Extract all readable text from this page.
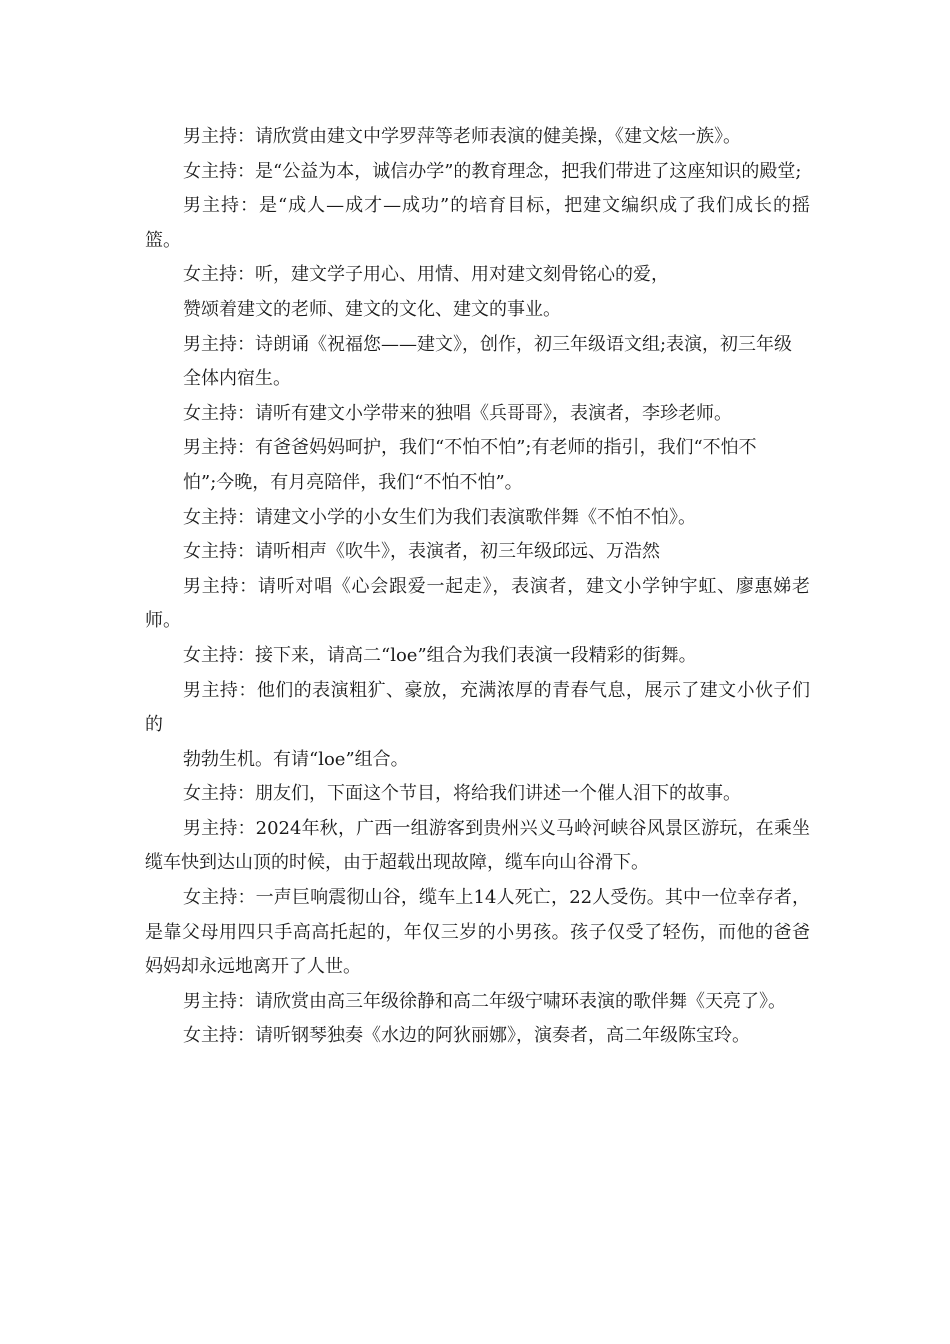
男主持：请欣赏由建文中学罗萍等老师表演的健美操，《建文炫一族》。

女主持：是“公益为本，诚信办学”的教育理念，把我们带进了这座知识的殿堂;

男主持：是“成人—成才—成功”的培育目标，把建文编织成了我们成长的摇篮。

女主持：听，建文学子用心、用情、用对建文刻骨铭心的爱，

赞颂着建文的老师、建文的文化、建文的事业。

男主持：诗朗诵《祝福您——建文》，创作，初三年级语文组;表演，初三年级

全体内宿生。

女主持：请听有建文小学带来的独唱《兵哥哥》，表演者，李珍老师。

男主持：有爸爸妈妈呵护，我们“不怕不怕”;有老师的指引，我们“不怕不

怕”;今晚，有月亮陪伴，我们“不怕不怕”。

女主持：请建文小学的小女生们为我们表演歌伴舞《不怕不怕》。

女主持：请听相声《吹牛》，表演者，初三年级邱远、万浩然

男主持：请听对唱《心会跟爱一起走》，表演者，建文小学钟宇虹、廖惠娣老师。

女主持：接下来，请高二“loe”组合为我们表演一段精彩的街舞。

男主持：他们的表演粗犷、豪放，充满浓厚的青春气息，展示了建文小伙子们的

勃勃生机。有请“loe”组合。

女主持：朋友们，下面这个节目，将给我们讲述一个催人泪下的故事。

男主持：2024年秋，广西一组游客到贵州兴义马岭河峡谷风景区游玩，在乘坐缆车快到达山顶的时候，由于超载出现故障，缆车向山谷滑下。

女主持：一声巨响震彻山谷，缆车上14人死亡，22人受伤。其中一位幸存者，是靠父母用四只手高高托起的，年仅三岁的小男孩。孩子仅受了轻伤，而他的爸爸妈妈却永远地离开了人世。

男主持：请欣赏由高三年级徐静和高二年级宁啸环表演的歌伴舞《天亮了》。

女主持：请听钢琴独奏《水边的阿狄丽娜》，演奏者，高二年级陈宝玲。
